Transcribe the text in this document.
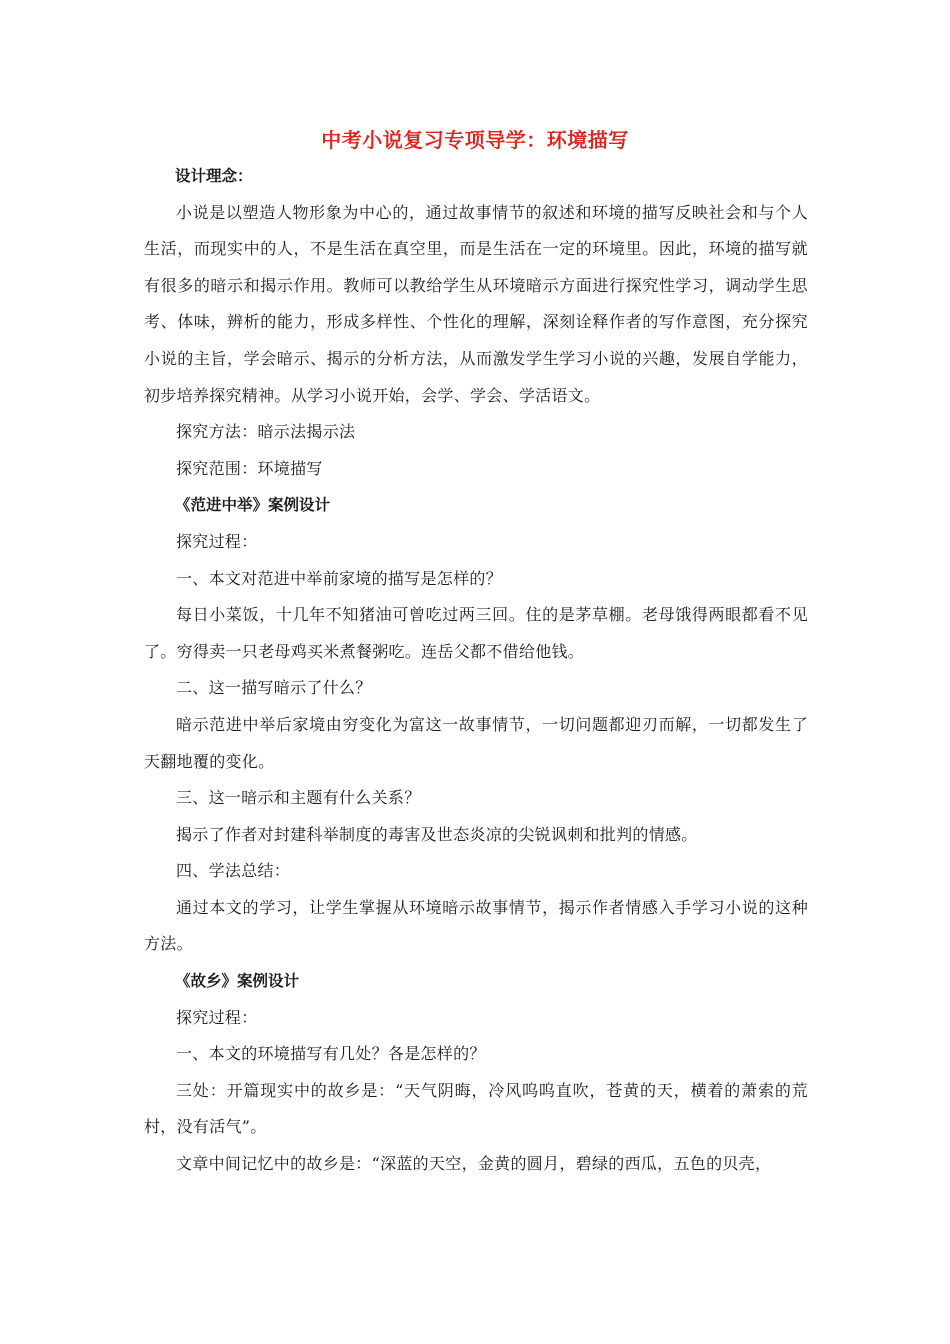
中考小说复习专项导学：环境描写

设计理念：

小说是以塑造人物形象为中心的，通过故事情节的叙述和环境的描写反映社会和与个人生活，而现实中的人，不是生活在真空里，而是生活在一定的环境里。因此，环境的描写就有很多的暗示和揭示作用。教师可以教给学生从环境暗示方面进行探究性学习，调动学生思考、体味，辨析的能力，形成多样性、个性化的理解，深刻诠释作者的写作意图，充分探究小说的主旨，学会暗示、揭示的分析方法，从而激发学生学习小说的兴趣，发展自学能力，初步培养探究精神。从学习小说开始，会学、学会、学活语文。

探究方法：暗示法揭示法

探究范围：环境描写

《范进中举》案例设计

探究过程：

一、本文对范进中举前家境的描写是怎样的？

每日小菜饭，十几年不知猪油可曾吃过两三回。住的是茅草棚。老母饿得两眼都看不见了。穷得卖一只老母鸡买米煮餐粥吃。连岳父都不借给他钱。

二、这一描写暗示了什么？

暗示范进中举后家境由穷变化为富这一故事情节，一切问题都迎刃而解，一切都发生了天翻地覆的变化。

三、这一暗示和主题有什么关系？

揭示了作者对封建科举制度的毒害及世态炎凉的尖锐讽刺和批判的情感。

四、学法总结：

通过本文的学习，让学生掌握从环境暗示故事情节，揭示作者情感入手学习小说的这种方法。

《故乡》案例设计

探究过程：

一、本文的环境描写有几处？各是怎样的？

三处：开篇现实中的故乡是：“天气阴晦，冷风呜呜直吹，苍黄的天，横着的萧索的荒村，没有活气”。

文章中间记忆中的故乡是：“深蓝的天空，金黄的圆月，碧绿的西瓜，五色的贝壳，
